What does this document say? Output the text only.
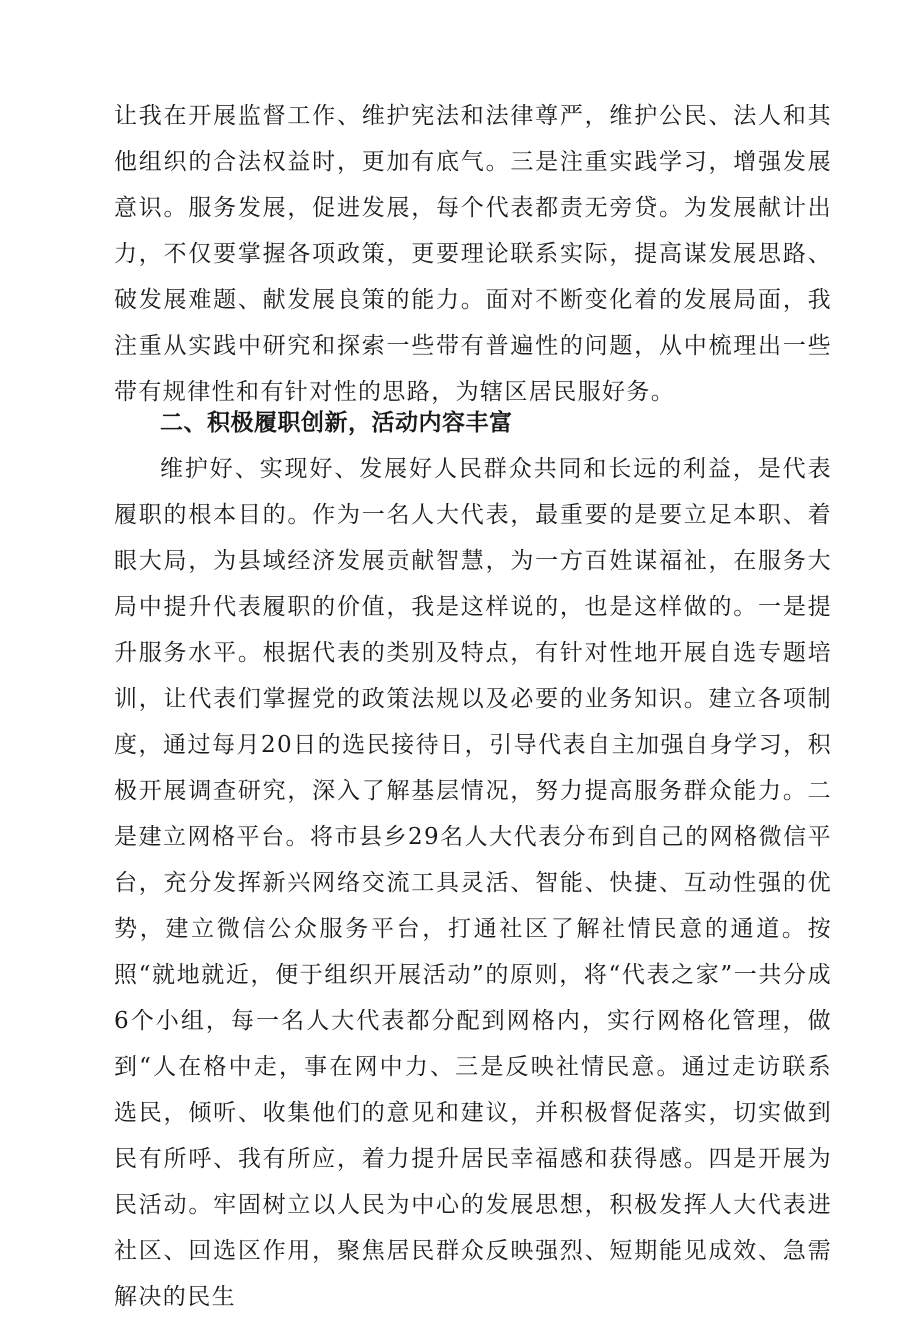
让我在开展监督工作、维护宪法和法律尊严，维护公民、法人和其他组织的合法权益时，更加有底气。三是注重实践学习，增强发展意识。服务发展，促进发展，每个代表都责无旁贷。为发展献计出力，不仅要掌握各项政策，更要理论联系实际，提高谋发展思路、破发展难题、献发展良策的能力。面对不断变化着的发展局面，我注重从实践中研究和探索一些带有普遍性的问题，从中梳理出一些带有规律性和有针对性的思路，为辖区居民服好务。

二、积极履职创新，活动内容丰富

维护好、实现好、发展好人民群众共同和长远的利益，是代表履职的根本目的。作为一名人大代表，最重要的是要立足本职、着眼大局，为县域经济发展贡献智慧，为一方百姓谋福祉，在服务大局中提升代表履职的价值，我是这样说的，也是这样做的。一是提升服务水平。根据代表的类别及特点，有针对性地开展自选专题培训，让代表们掌握党的政策法规以及必要的业务知识。建立各项制度，通过每月20日的选民接待日，引导代表自主加强自身学习，积极开展调查研究，深入了解基层情况，努力提高服务群众能力。二是建立网格平台。将市县乡29名人大代表分布到自己的网格微信平台，充分发挥新兴网络交流工具灵活、智能、快捷、互动性强的优势，建立微信公众服务平台，打通社区了解社情民意的通道。按照“就地就近，便于组织开展活动”的原则，将“代表之家”一共分成6个小组，每一名人大代表都分配到网格内，实行网格化管理，做到“人在格中走，事在网中力、三是反映社情民意。通过走访联系选民，倾听、收集他们的意见和建议，并积极督促落实，切实做到民有所呼、我有所应，着力提升居民幸福感和获得感。四是开展为民活动。牢固树立以人民为中心的发展思想，积极发挥人大代表进社区、回选区作用，聚焦居民群众反映强烈、短期能见成效、急需解决的民生
